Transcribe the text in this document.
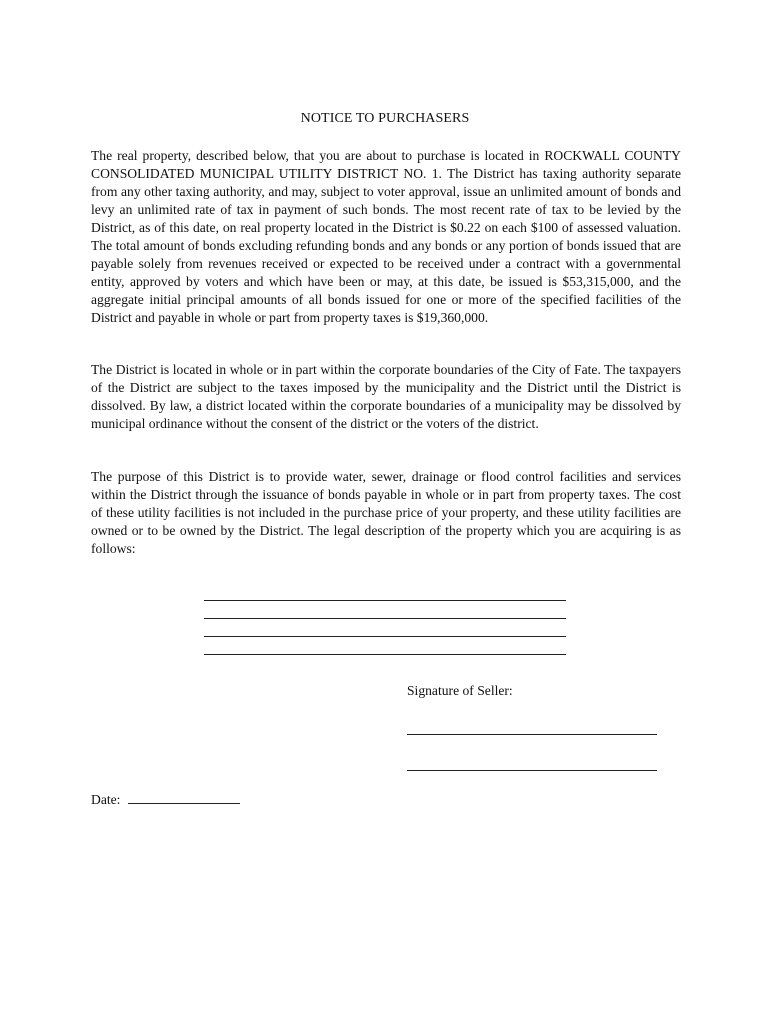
NOTICE TO PURCHASERS
The real property, described below, that you are about to purchase is located in ROCKWALL COUNTY CONSOLIDATED MUNICIPAL UTILITY DISTRICT NO. 1. The District has taxing authority separate from any other taxing authority, and may, subject to voter approval, issue an unlimited amount of bonds and levy an unlimited rate of tax in payment of such bonds. The most recent rate of tax to be levied by the District, as of this date, on real property located in the District is $0.22 on each $100 of assessed valuation. The total amount of bonds excluding refunding bonds and any bonds or any portion of bonds issued that are payable solely from revenues received or expected to be received under a contract with a governmental entity, approved by voters and which have been or may, at this date, be issued is $53,315,000, and the aggregate initial principal amounts of all bonds issued for one or more of the specified facilities of the District and payable in whole or part from property taxes is $19,360,000.
The District is located in whole or in part within the corporate boundaries of the City of Fate. The taxpayers of the District are subject to the taxes imposed by the municipality and the District until the District is dissolved. By law, a district located within the corporate boundaries of a municipality may be dissolved by municipal ordinance without the consent of the district or the voters of the district.
The purpose of this District is to provide water, sewer, drainage or flood control facilities and services within the District through the issuance of bonds payable in whole or in part from property taxes. The cost of these utility facilities is not included in the purchase price of your property, and these utility facilities are owned or to be owned by the District. The legal description of the property which you are acquiring is as follows:
Signature of Seller:
Date:
